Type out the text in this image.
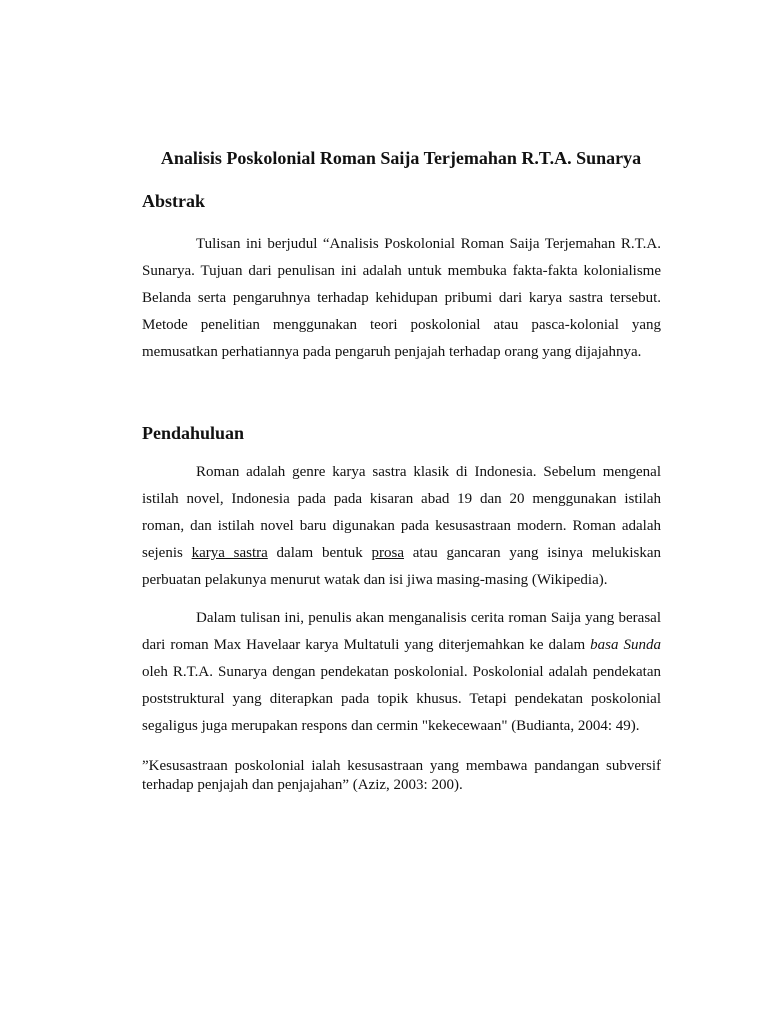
Analisis Poskolonial Roman Saija Terjemahan R.T.A. Sunarya
Abstrak

Tulisan ini berjudul “Analisis Poskolonial Roman Saija Terjemahan R.T.A. Sunarya. Tujuan dari penulisan ini adalah untuk membuka fakta-fakta kolonialisme Belanda serta pengaruhnya terhadap kehidupan pribumi dari karya sastra tersebut. Metode penelitian menggunakan teori poskolonial atau pasca-kolonial yang memusatkan perhatiannya pada pengaruh penjajah terhadap orang yang dijajahnya.

Pendahuluan

Roman adalah genre karya sastra klasik di Indonesia. Sebelum mengenal istilah novel, Indonesia pada pada kisaran abad 19 dan 20 menggunakan istilah roman, dan istilah novel baru digunakan pada kesusastraan modern. Roman adalah sejenis karya sastra dalam bentuk prosa atau gancaran yang isinya melukiskan perbuatan pelakunya menurut watak dan isi jiwa masing-masing (Wikipedia).

Dalam tulisan ini, penulis akan menganalisis cerita roman Saija yang berasal dari roman Max Havelaar karya Multatuli yang diterjemahkan ke dalam basa Sunda oleh R.T.A. Sunarya dengan pendekatan poskolonial. Poskolonial adalah pendekatan poststruktural yang diterapkan pada topik khusus. Tetapi pendekatan poskolonial segaligus juga merupakan respons dan cermin "kekecewaan" (Budianta, 2004: 49).

”Kesusastraan poskolonial ialah kesusastraan yang membawa pandangan subversif terhadap penjajah dan penjajahan” (Aziz, 2003: 200).
